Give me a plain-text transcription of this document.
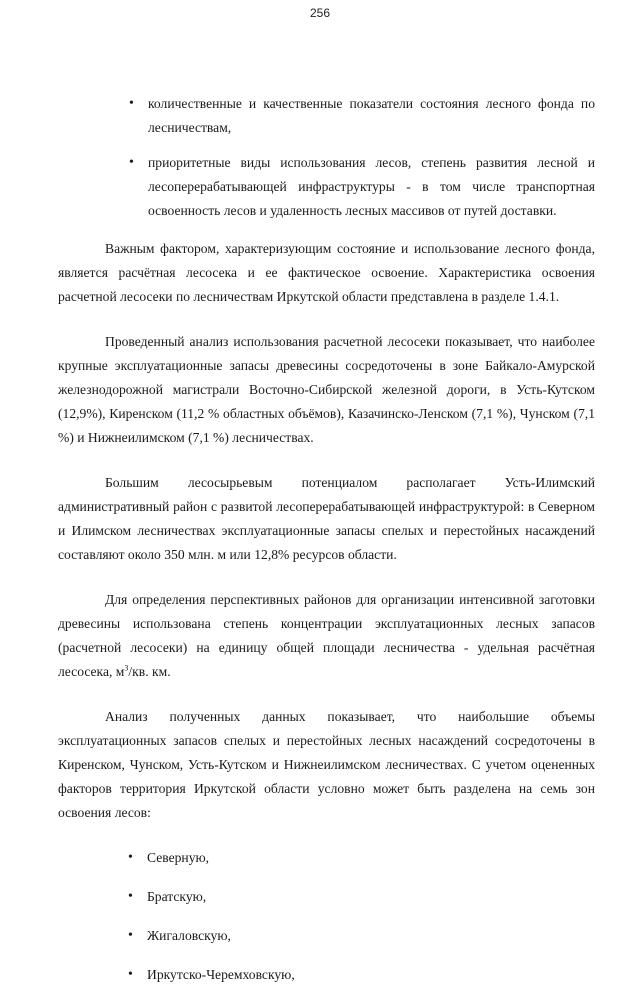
256
• количественные и качественные показатели состояния лесного фонда по лесничествам,
• приоритетные виды использования лесов, степень развития лесной и лесоперерабатывающей инфраструктуры - в том числе транспортная освоенность лесов и удаленность лесных массивов от путей доставки.

Важным фактором, характеризующим состояние и использование лесного фонда, является расчётная лесосека и ее фактическое освоение. Характеристика освоения расчетной лесосеки по лесничествам Иркутской области представлена в разделе 1.4.1.

Проведенный анализ использования расчетной лесосеки показывает, что наиболее крупные эксплуатационные запасы древесины сосредоточены в зоне Байкало-Амурской железнодорожной магистрали Восточно-Сибирской железной дороги, в Усть-Кутском (12,9%), Киренском (11,2 % областных объёмов), Казачинско-Ленском (7,1 %), Чунском (7,1 %) и Нижнеилимском (7,1 %) лесничествах.

Большим лесосырьевым потенциалом располагает Усть-Илимский административный район с развитой лесоперерабатывающей инфраструктурой: в Северном и Илимском лесничествах эксплуатационные запасы спелых и перестойных насаждений составляют около 350 млн. м или 12,8% ресурсов области.

Для определения перспективных районов для организации интенсивной заготовки древесины использована степень концентрации эксплуатационных лесных запасов (расчетной лесосеки) на единицу общей площади лесничества - удельная расчётная лесосека, $м^3/кв$. км.

Анализ полученных данных показывает, что наибольшие объемы эксплуатационных запасов спелых и перестойных лесных насаждений сосредоточены в Киренском, Чунском, Усть-Кутском и Нижнеилимском лесничествах. С учетом оцененных факторов территория Иркутской области условно может быть разделена на семь зон освоения лесов:

• Северную,
• Братскую,
• Жигаловскую,
• Иркутско-Черемховскую,
